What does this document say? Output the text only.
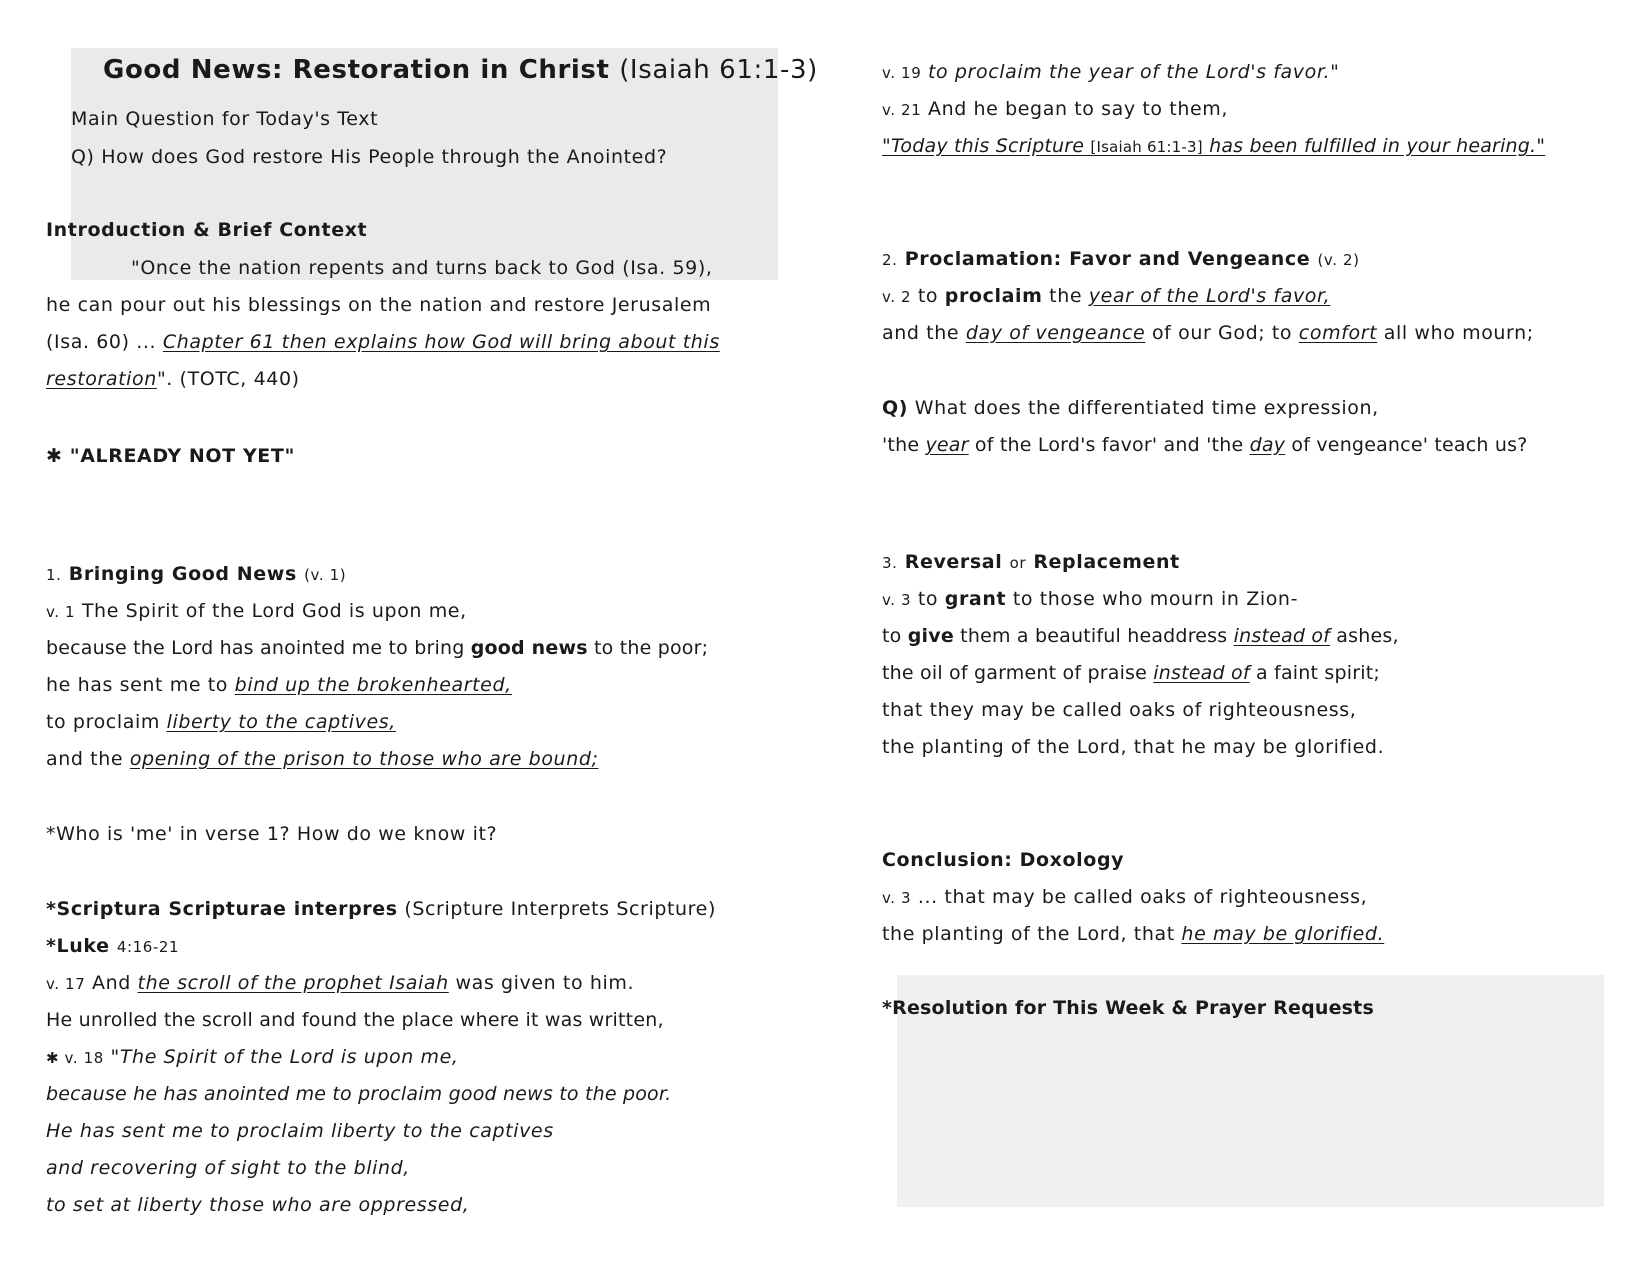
Good News: Restoration in Christ (Isaiah 61:1-3)
Main Question for Today's Text
Q) How does God restore His People through the Anointed?
Introduction & Brief Context
"Once the nation repents and turns back to God (Isa. 59),
he can pour out his blessings on the nation and restore Jerusalem
(Isa. 60) ... Chapter 61 then explains how God will bring about this
restoration". (TOTC, 440)
✱ "ALREADY NOT YET"
1. Bringing Good News (v. 1)
v. 1 The Spirit of the Lord God is upon me,
because the Lord has anointed me to bring good news to the poor;
he has sent me to bind up the brokenhearted,
to proclaim liberty to the captives,
and the opening of the prison to those who are bound;
*Who is 'me' in verse 1? How do we know it?
*Scriptura Scripturae interpres (Scripture Interprets Scripture)
*Luke 4:16-21
v. 17 And the scroll of the prophet Isaiah was given to him.
He unrolled the scroll and found the place where it was written,
✱ v. 18 "The Spirit of the Lord is upon me,
because he has anointed me to proclaim good news to the poor.
He has sent me to proclaim liberty to the captives
and recovering of sight to the blind,
to set at liberty those who are oppressed,
v. 19 to proclaim the year of the Lord's favor."
v. 21 And he began to say to them,
"Today this Scripture [Isaiah 61:1-3] has been fulfilled in your hearing."
2. Proclamation: Favor and Vengeance (v. 2)
v. 2 to proclaim the year of the Lord's favor,
and the day of vengeance of our God; to comfort all who mourn;
Q) What does the differentiated time expression,
'the year of the Lord's favor' and 'the day of vengeance' teach us?
3. Reversal or Replacement
v. 3 to grant to those who mourn in Zion-
to give them a beautiful headdress instead of ashes,
the oil of garment of praise instead of a faint spirit;
that they may be called oaks of righteousness,
the planting of the Lord, that he may be glorified.
Conclusion: Doxology
v. 3 ... that may be called oaks of righteousness,
the planting of the Lord, that he may be glorified.
*Resolution for This Week & Prayer Requests
